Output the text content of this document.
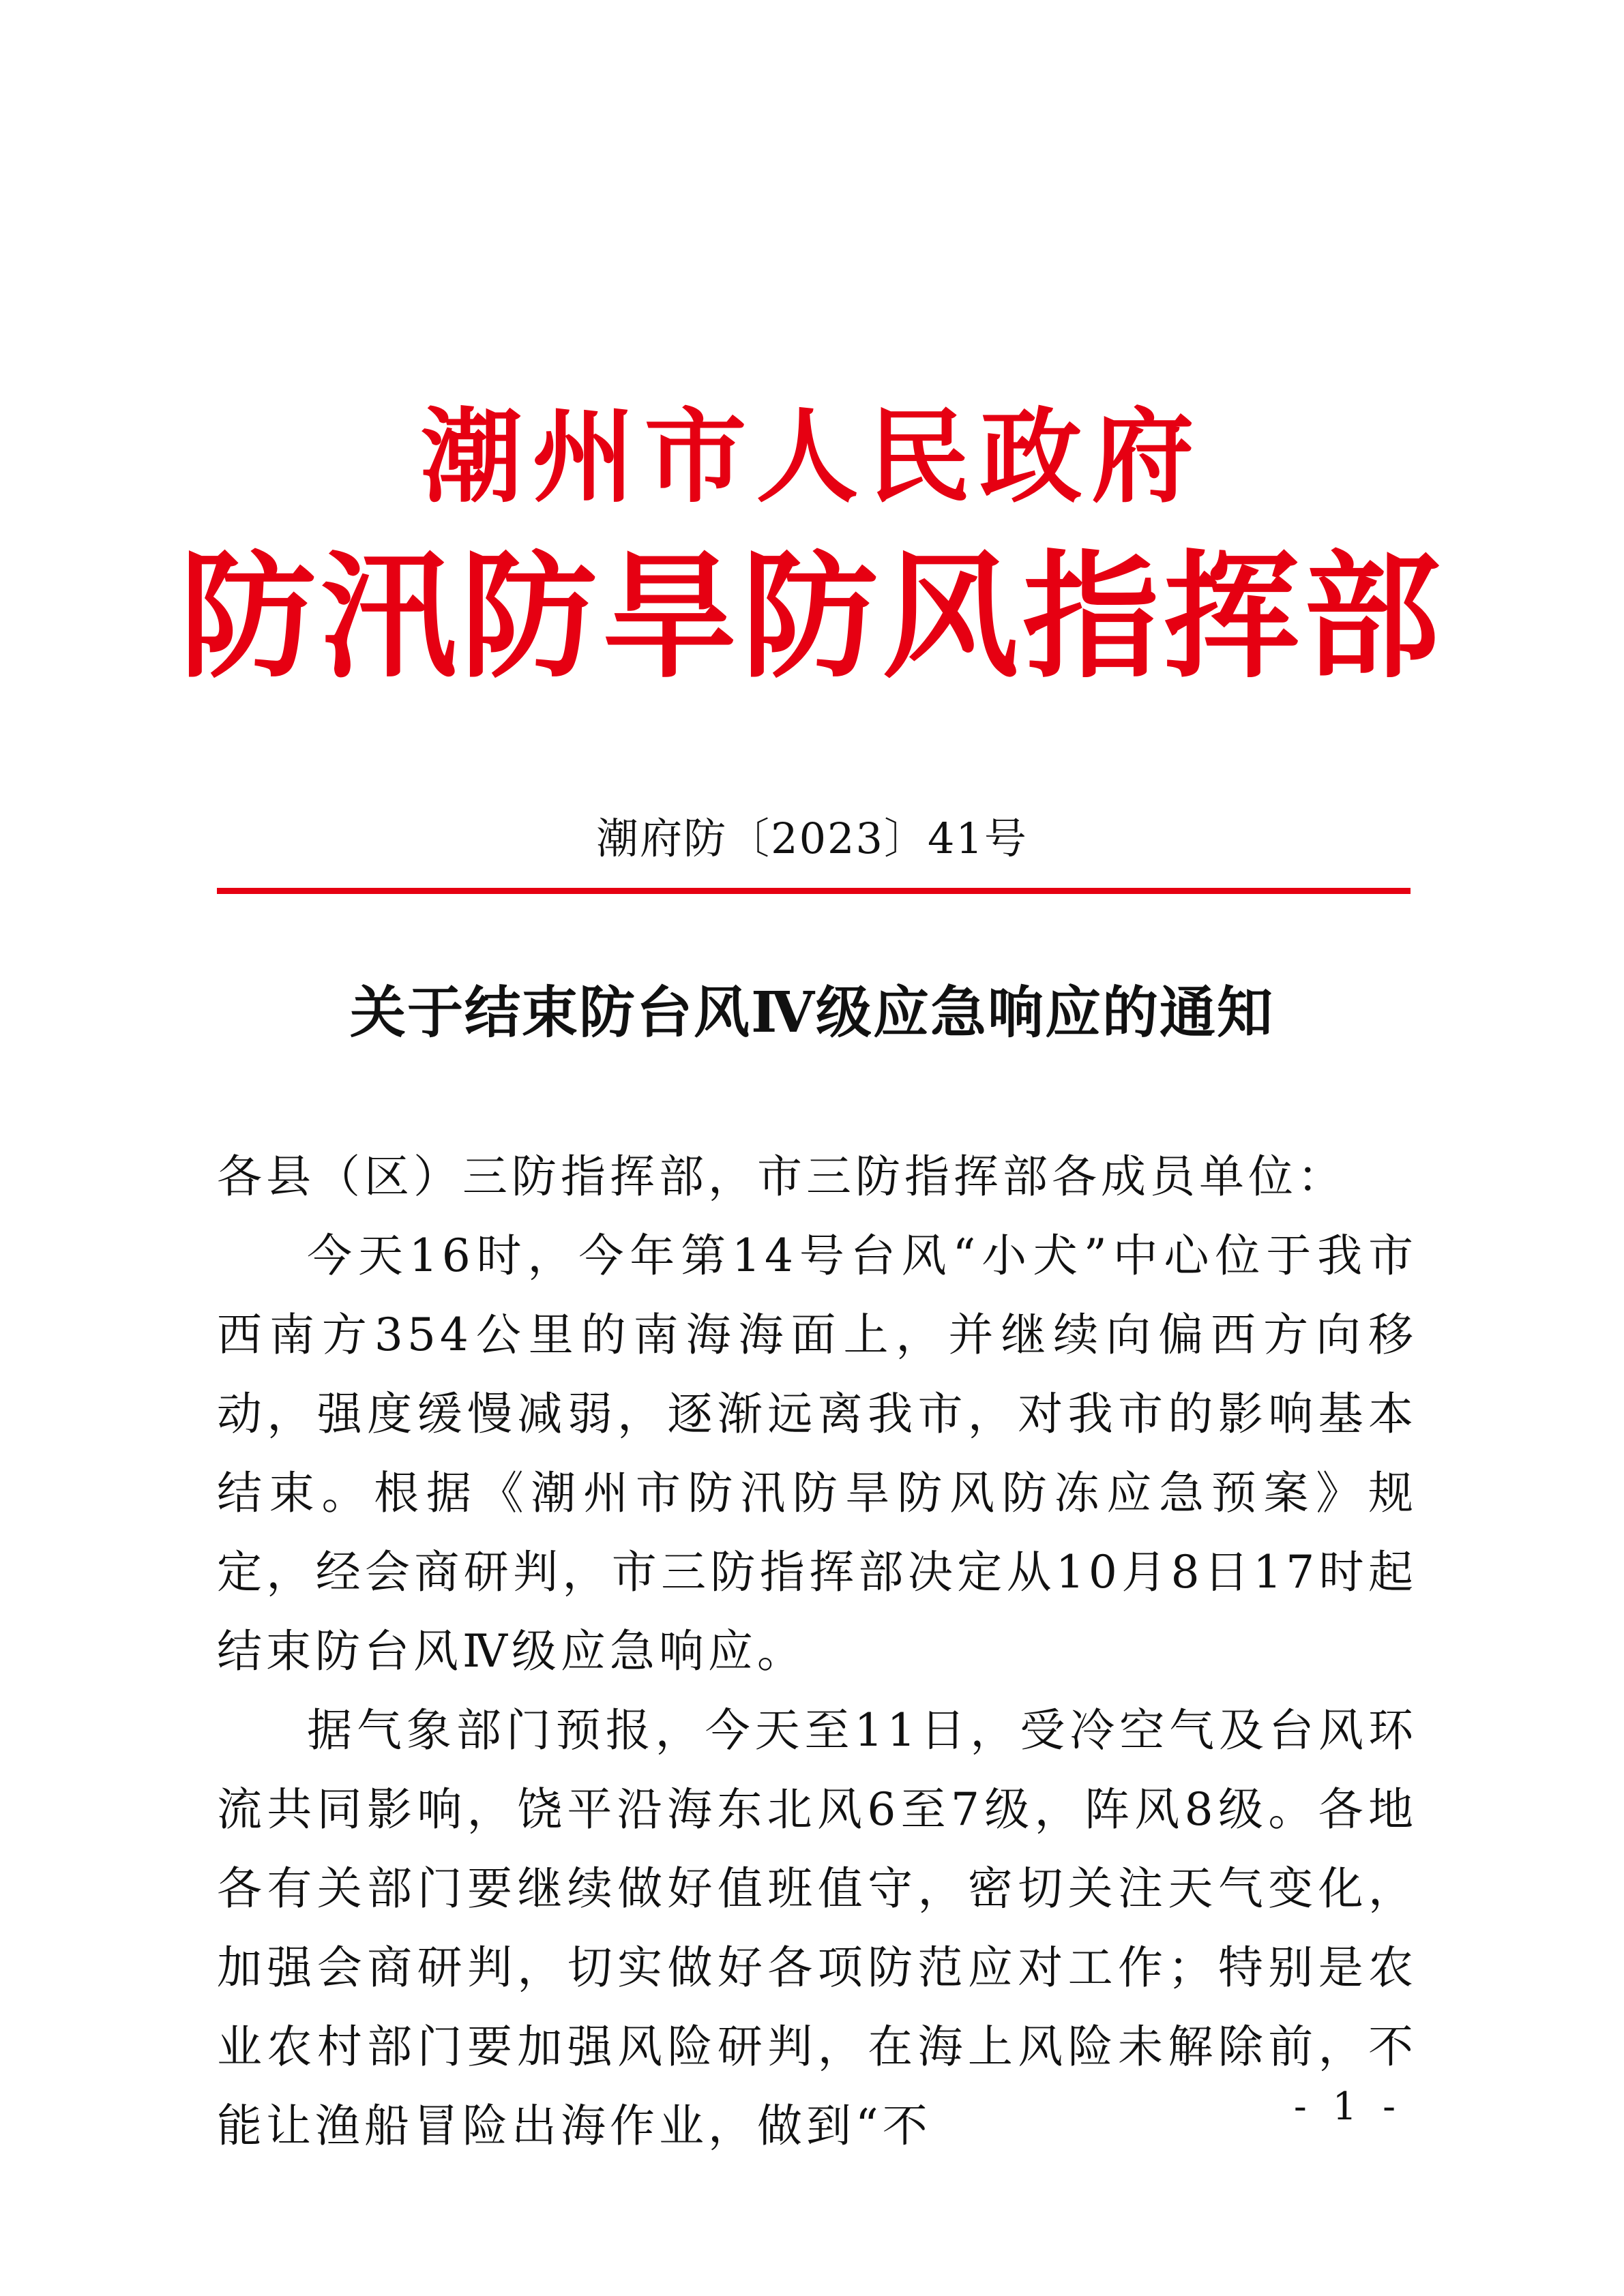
潮州市人民政府
防汛防旱防风指挥部
潮府防〔2023〕41号
关于结束防台风Ⅳ级应急响应的通知

各县（区）三防指挥部，市三防指挥部各成员单位：

今天16时，今年第14号台风“小犬”中心位于我市西南方354公里的南海海面上，并继续向偏西方向移动，强度缓慢减弱，逐渐远离我市，对我市的影响基本结束。根据《潮州市防汛防旱防风防冻应急预案》规定，经会商研判，市三防指挥部决定从10月8日17时起结束防台风Ⅳ级应急响应。

据气象部门预报，今天至11日，受冷空气及台风环流共同影响，饶平沿海东北风6至7级，阵风8级。各地各有关部门要继续做好值班值守，密切关注天气变化，加强会商研判，切实做好各项防范应对工作；特别是农业农村部门要加强风险研判，在海上风险未解除前，不能让渔船冒险出海作业，做到“不	- 1 -
